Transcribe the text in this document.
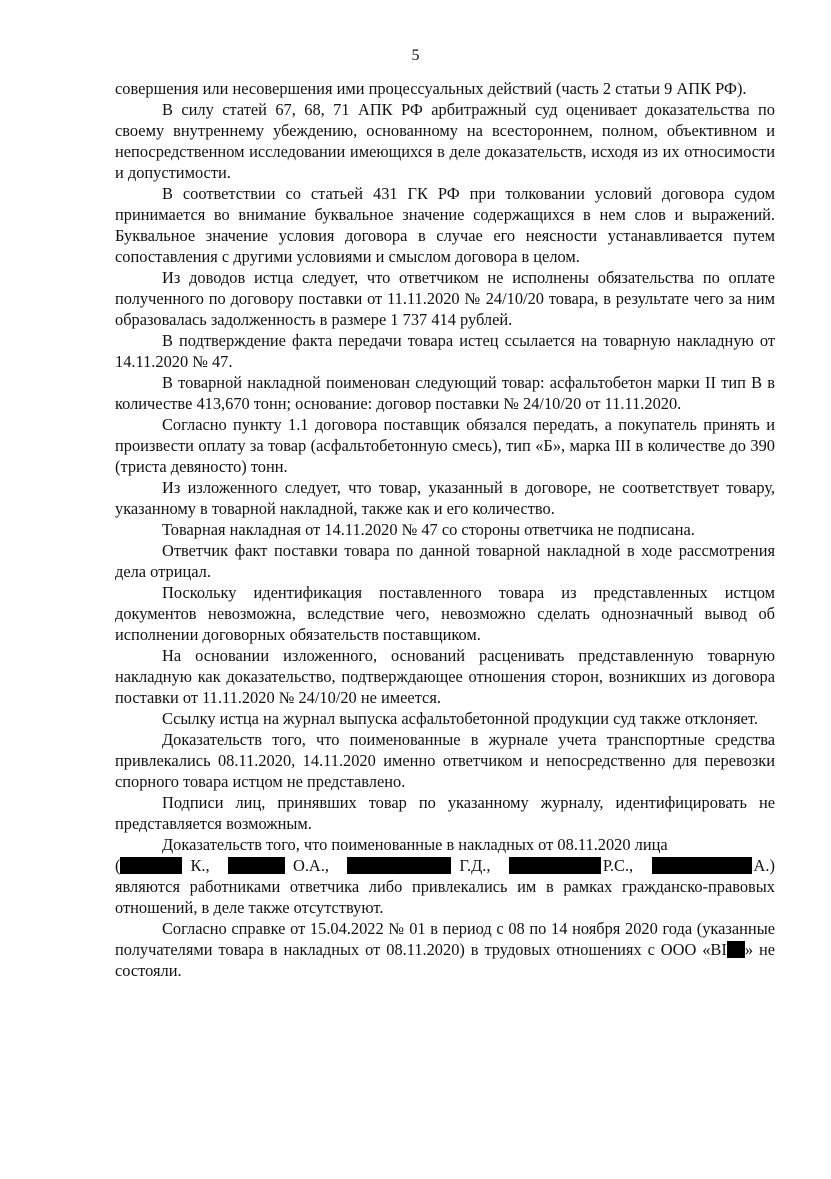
5

совершения или несовершения ими процессуальных действий (часть 2 статьи 9 АПК РФ).

В силу статей 67, 68, 71 АПК РФ арбитражный суд оценивает доказательства по своему внутреннему убеждению, основанному на всестороннем, полном, объективном и непосредственном исследовании имеющихся в деле доказательств, исходя из их относимости и допустимости.

В соответствии со статьей 431 ГК РФ при толковании условий договора судом принимается во внимание буквальное значение содержащихся в нем слов и выражений. Буквальное значение условия договора в случае его неясности устанавливается путем сопоставления с другими условиями и смыслом договора в целом.

Из доводов истца следует, что ответчиком не исполнены обязательства по оплате полученного по договору поставки от 11.11.2020 № 24/10/20 товара, в результате чего за ним образовалась задолженность в размере 1 737 414 рублей.

В подтверждение факта передачи товара истец ссылается на товарную накладную от 14.11.2020 № 47.

В товарной накладной поименован следующий товар: асфальтобетон марки II тип В в количестве 413,670 тонн; основание: договор поставки № 24/10/20 от 11.11.2020.

Согласно пункту 1.1 договора поставщик обязался передать, а покупатель принять и произвести оплату за товар (асфальтобетонную смесь), тип «Б», марка III в количестве до 390 (триста девяносто) тонн.

Из изложенного следует, что товар, указанный в договоре, не соответствует товару, указанному в товарной накладной, также как и его количество.

Товарная накладная от 14.11.2020 № 47 со стороны ответчика не подписана.

Ответчик факт поставки товара по данной товарной накладной в ходе рассмотрения дела отрицал.

Поскольку идентификация поставленного товара из представленных истцом документов невозможна, вследствие чего, невозможно сделать однозначный вывод об исполнении договорных обязательств поставщиком.

На основании изложенного, оснований расценивать представленную товарную накладную как доказательство, подтверждающее отношения сторон, возникших из договора поставки от 11.11.2020 № 24/10/20 не имеется.

Ссылку истца на журнал выпуска асфальтобетонной продукции суд также отклоняет.

Доказательств того, что поименованные в журнале учета транспортные средства привлекались 08.11.2020, 14.11.2020 именно ответчиком и непосредственно для перевозки спорного товара истцом не представлено.

Подписи лиц, принявших товар по указанному журналу, идентифицировать не представляется возможным.

Доказательств того, что поименованные в накладных от 08.11.2020 лица

(	К.,	О.А.,	Г.Д.,	Р.С.,	А.)

являются работниками ответчика либо привлекались им в рамках гражданско-правовых отношений, в деле также отсутствуют.

Согласно справке от 15.04.2022 № 01 в период с 08 по 14 ноября 2020 года (указанные получателями товара в накладных от 08.11.2020) в трудовых отношениях с ООО «ВI » не состояли.
